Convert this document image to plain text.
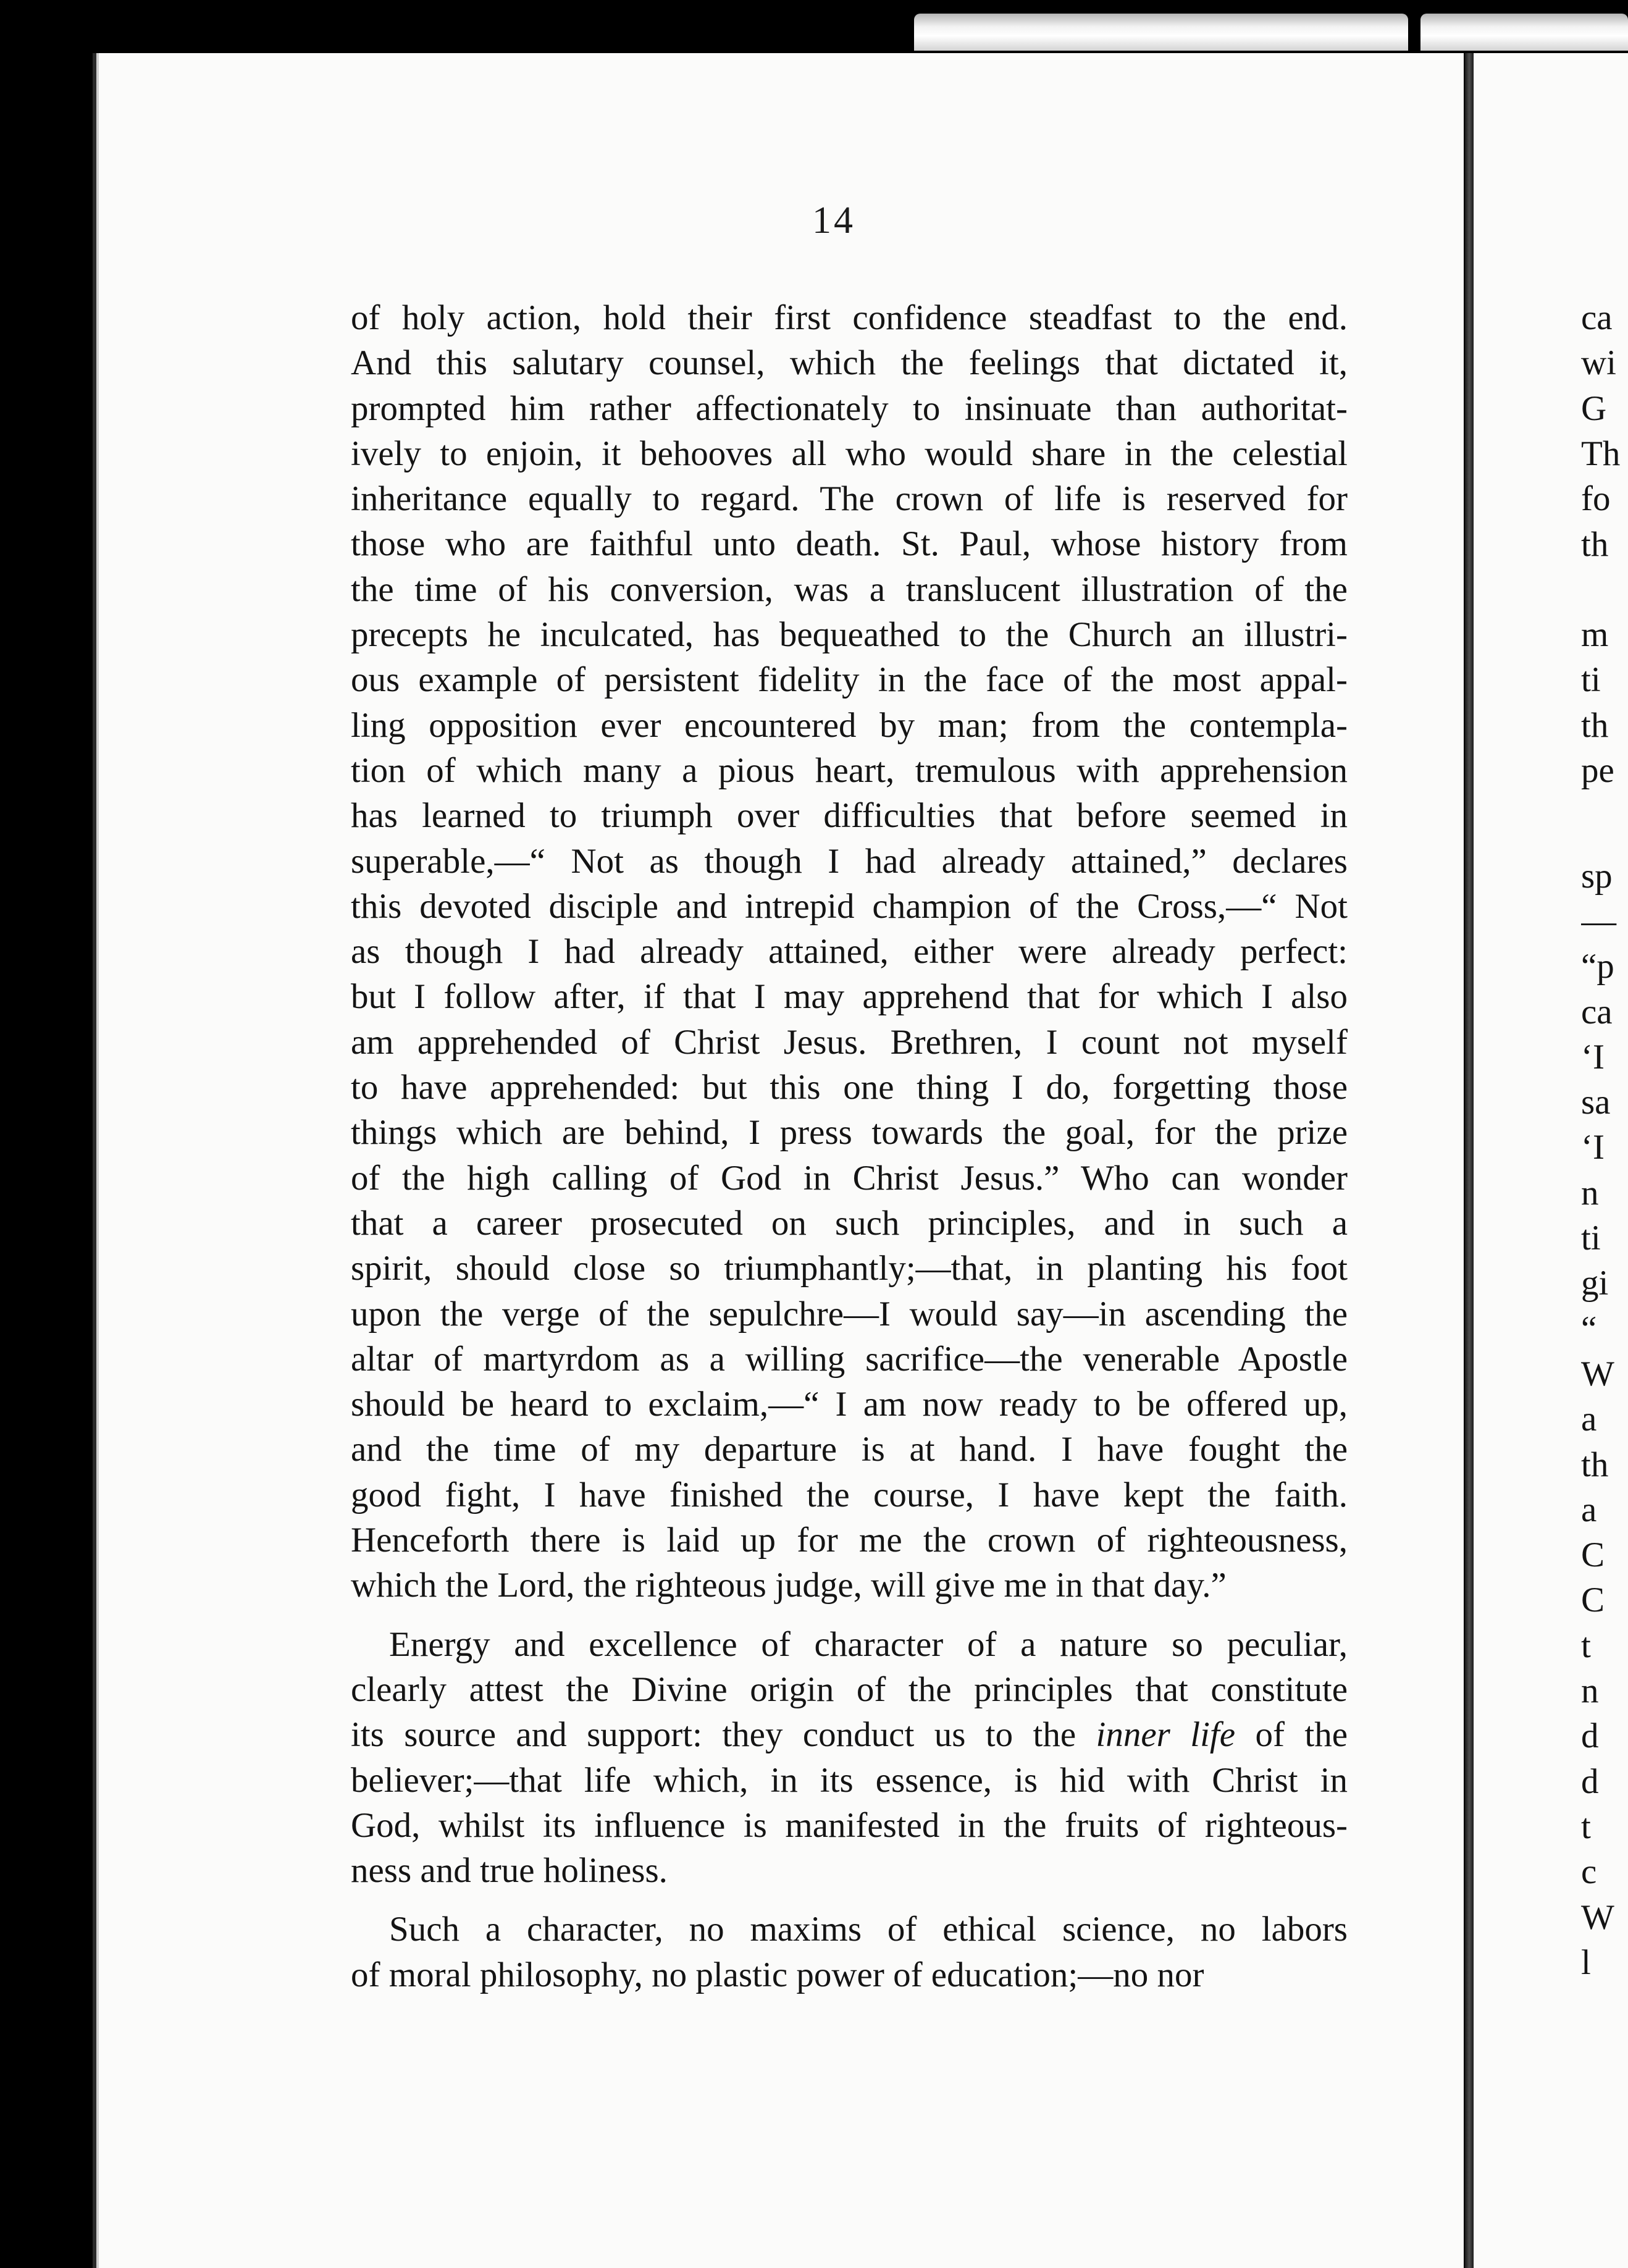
14
of holy action, hold their first confidence steadfast to the end.
And this salutary counsel, which the feelings that dictated it,
prompted him rather affectionately to insinuate than authoritat-
ively to enjoin, it behooves all who would share in the celestial
inheritance equally to regard. The crown of life is reserved for
those who are faithful unto death. St. Paul, whose history from
the time of his conversion, was a translucent illustration of the
precepts he inculcated, has bequeathed to the Church an illustri-
ous example of persistent fidelity in the face of the most appal-
ling opposition ever encountered by man; from the contempla-
tion of which many a pious heart, tremulous with apprehension
has learned to triumph over difficulties that before seemed in
superable,—“ Not as though I had already attained,” declares
this devoted disciple and intrepid champion of the Cross,—“ Not
as though I had already attained, either were already perfect:
but I follow after, if that I may apprehend that for which I also
am apprehended of Christ Jesus. Brethren, I count not myself
to have apprehended: but this one thing I do, forgetting those
things which are behind, I press towards the goal, for the prize
of the high calling of God in Christ Jesus.” Who can wonder
that a career prosecuted on such principles, and in such a
spirit, should close so triumphantly;—that, in planting his foot
upon the verge of the sepulchre—I would say—in ascending the
altar of martyrdom as a willing sacrifice—the venerable Apostle
should be heard to exclaim,—“ I am now ready to be offered up,
and the time of my departure is at hand. I have fought the
good fight, I have finished the course, I have kept the faith.
Henceforth there is laid up for me the crown of righteousness,
which the Lord, the righteous judge, will give me in that day.”
Energy and excellence of character of a nature so peculiar,
clearly attest the Divine origin of the principles that constitute
its source and support: they conduct us to the inner life of the
believer;—that life which, in its essence, is hid with Christ in
God, whilst its influence is manifested in the fruits of righteous-
ness and true holiness.
Such a character, no maxims of ethical science, no labors
of moral philosophy, no plastic power of education;—no nor
ca
wi
G
Th
fo
th
m
ti
th
pe
sp
—
“p
ca
‘I
sa
‘I
n
ti
gi
“
W
a
th
a
C
C
t
n
d
d
t
c
W
l
